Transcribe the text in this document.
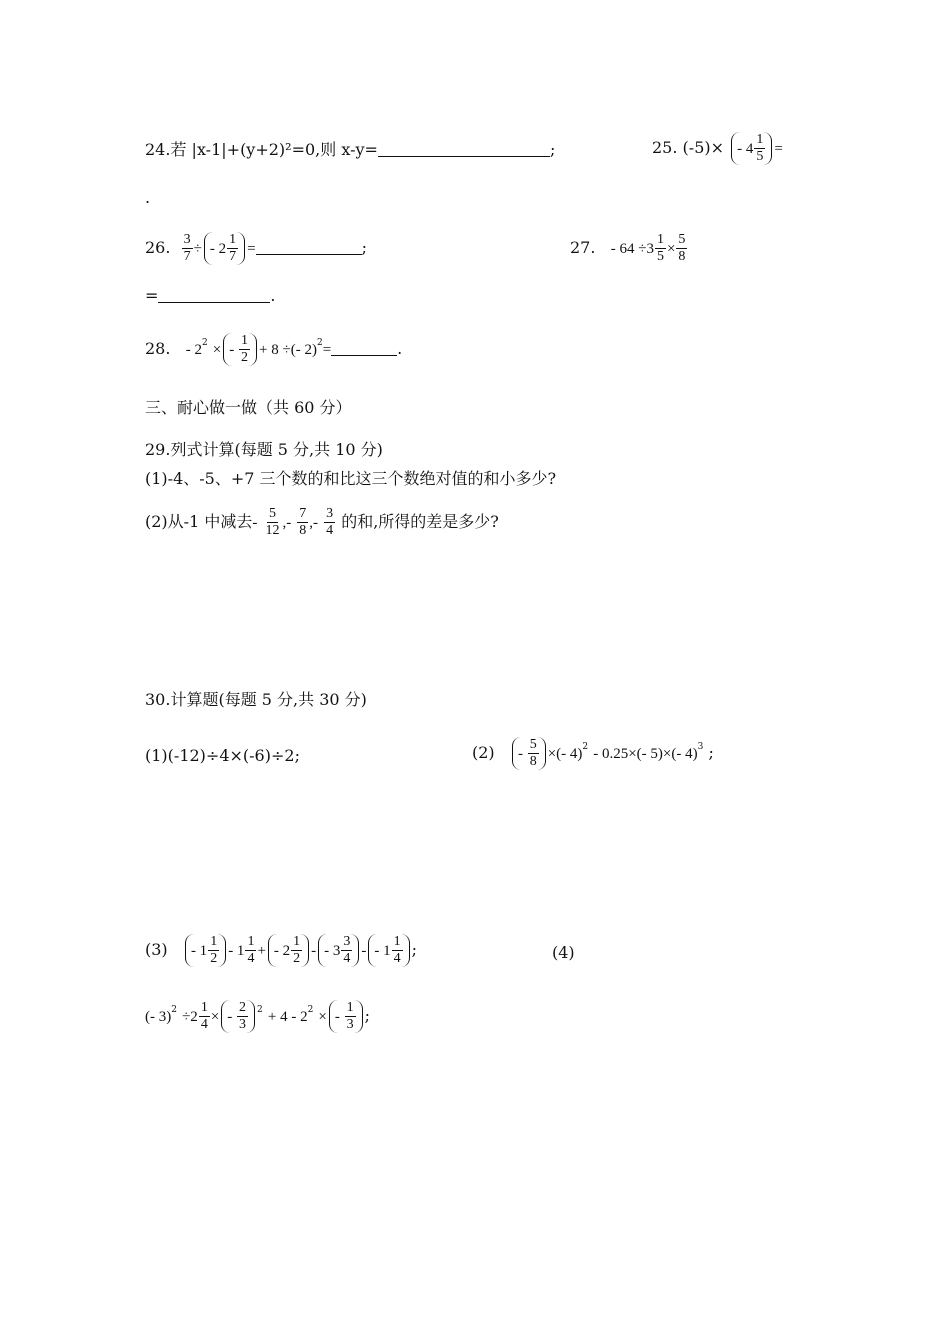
24.若 |x-1|+(y+2)²=0,则 x-y=	;	25. $(-5)\times - 4 \frac{1}{5}$ =
.
26. $\frac{3}{7}$ ÷ - $2 \frac{1}{7}$ =	;	27. - $64 \div 3 \frac{1}{5} \times \frac{5}{8}$
=	.
28. - $2^2$ × -
$\frac{1}{2} + 8$ ÷(- 2)$^2$=	.
三、耐心做一做（共 60 分）
29.列式计算(每题 5 分,共 10 分)
(1)-4、-5、+7 三个数的和比这三个数绝对值的和小多少?
(2)从-1 中减去- $\frac{5}{12}$ ,- $\frac{7}{8}$ ,- $\frac{3}{4}$ 的和,所得的差是多少?
30.计算题(每题 5 分,共 30 分)
(1)(-12)÷4×(-6)÷2;	(2) -
$\frac{5}{8}$ ×(- 4)$^2$ - 0.25×(- 5)×(- 4)$^3$ ;
$(3) - 1 \frac{1}{2} - 1 \frac{1}{4}$ + - $2 \frac{1}{2}$ - - $3 \frac{3}{4}$ - - $1 \frac{1}{4}$ ;	(4)
(- $3)^2 \div 2 \frac{1}{4}$ × -
$\frac{2}{3} ^2 + 4 - 2^2$ × -
$\frac{1}{3}$ ;
